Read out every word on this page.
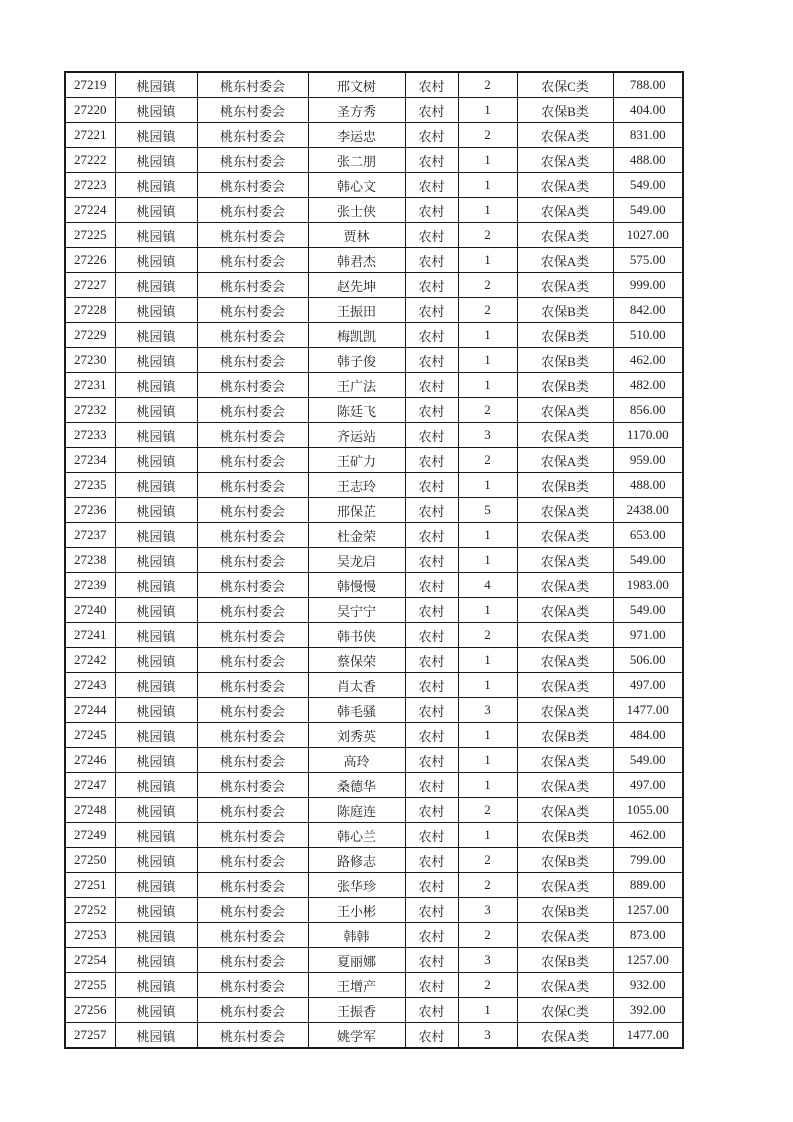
27219	桃园镇	桃东村委会	邢文树	农村	2	农保C类	788.00
27220	桃园镇	桃东村委会	圣方秀	农村	1	农保B类	404.00
27221	桃园镇	桃东村委会	李运忠	农村	2	农保A类	831.00
27222	桃园镇	桃东村委会	张二朋	农村	1	农保A类	488.00
27223	桃园镇	桃东村委会	韩心文	农村	1	农保A类	549.00
27224	桃园镇	桃东村委会	张士侠	农村	1	农保A类	549.00
27225	桃园镇	桃东村委会	贾林	农村	2	农保A类	1027.00
27226	桃园镇	桃东村委会	韩君杰	农村	1	农保A类	575.00
27227	桃园镇	桃东村委会	赵先坤	农村	2	农保A类	999.00
27228	桃园镇	桃东村委会	王振田	农村	2	农保B类	842.00
27229	桃园镇	桃东村委会	梅凯凯	农村	1	农保B类	510.00
27230	桃园镇	桃东村委会	韩子俊	农村	1	农保B类	462.00
27231	桃园镇	桃东村委会	王广法	农村	1	农保B类	482.00
27232	桃园镇	桃东村委会	陈廷飞	农村	2	农保A类	856.00
27233	桃园镇	桃东村委会	齐运站	农村	3	农保A类	1170.00
27234	桃园镇	桃东村委会	王矿力	农村	2	农保A类	959.00
27235	桃园镇	桃东村委会	王志玲	农村	1	农保B类	488.00
27236	桃园镇	桃东村委会	邢保芷	农村	5	农保A类	2438.00
27237	桃园镇	桃东村委会	杜金荣	农村	1	农保A类	653.00
27238	桃园镇	桃东村委会	吴龙启	农村	1	农保A类	549.00
27239	桃园镇	桃东村委会	韩慢慢	农村	4	农保A类	1983.00
27240	桃园镇	桃东村委会	吴宁宁	农村	1	农保A类	549.00
27241	桃园镇	桃东村委会	韩书侠	农村	2	农保A类	971.00
27242	桃园镇	桃东村委会	蔡保荣	农村	1	农保A类	506.00
27243	桃园镇	桃东村委会	肖太香	农村	1	农保A类	497.00
27244	桃园镇	桃东村委会	韩毛骚	农村	3	农保A类	1477.00
27245	桃园镇	桃东村委会	刘秀英	农村	1	农保B类	484.00
27246	桃园镇	桃东村委会	高玲	农村	1	农保A类	549.00
27247	桃园镇	桃东村委会	桑德华	农村	1	农保A类	497.00
27248	桃园镇	桃东村委会	陈庭连	农村	2	农保A类	1055.00
27249	桃园镇	桃东村委会	韩心兰	农村	1	农保B类	462.00
27250	桃园镇	桃东村委会	路修志	农村	2	农保B类	799.00
27251	桃园镇	桃东村委会	张华珍	农村	2	农保A类	889.00
27252	桃园镇	桃东村委会	王小彬	农村	3	农保B类	1257.00
27253	桃园镇	桃东村委会	韩韩	农村	2	农保A类	873.00
27254	桃园镇	桃东村委会	夏丽娜	农村	3	农保B类	1257.00
27255	桃园镇	桃东村委会	王增产	农村	2	农保A类	932.00
27256	桃园镇	桃东村委会	王振香	农村	1	农保C类	392.00
27257	桃园镇	桃东村委会	姚学军	农村	3	农保A类	1477.00
